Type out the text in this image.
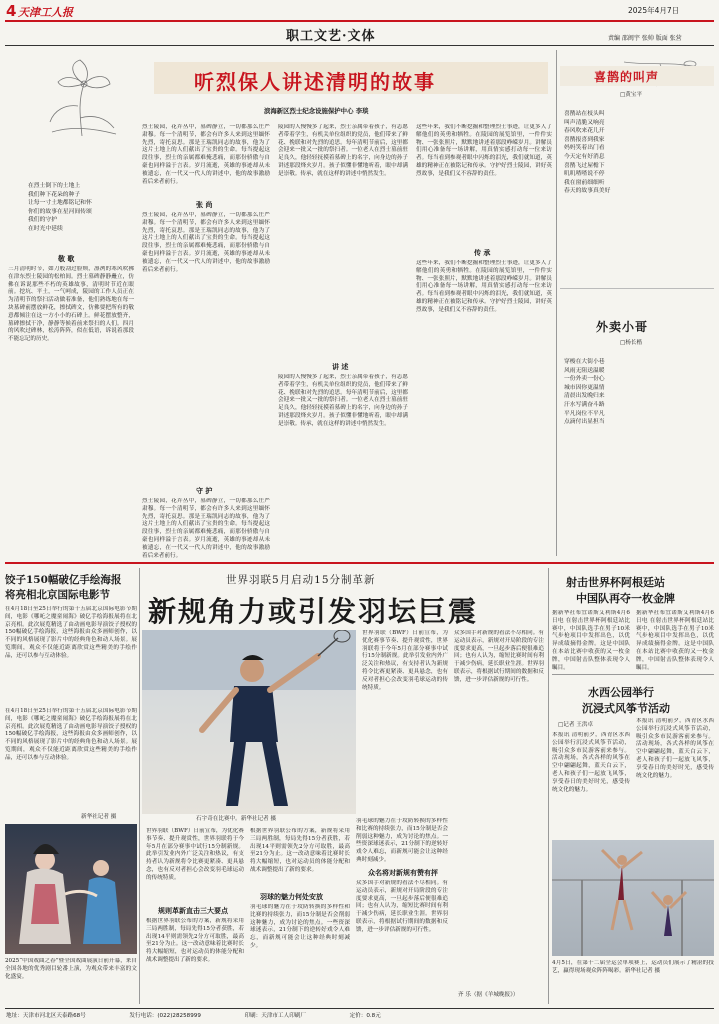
4 天津工人报	2025年4月7日
职工文艺·文体	责编 邵闽宇 张帅 版面 张营
听烈保人讲述清明的故事
滨海新区烈士纪念设施保护中心 李琰
在烈士倒下的土地上
我们种下花朵的种子
让每一寸土地都铭记和怀
你们的故事在星河间传颂
我们的守护
在时光中延续
敬 歌
三月清明时节，如刀般刮过脸颊，凛冽的寒风吹拂在津东烈士陵园的松柏间。烈士墓碑静静矗立，仿佛在诉说那些不朽的英雄故事，清明时节近在眼前。挖坑、平土，一气呵成，陵园的工作人员正在为清明节的祭扫活动做着准备，他们熟练地在每一块墓碑前摆放鲜花，擦拭碑文，仿佛要把所有的敬意都倾注在这一方小小的石碑上。鲜花摆放整齐，墓碑擦拭干净，静静等候着前来祭扫的人们。四月的风吹过碑林，松涛阵阵，似在低语，诉说着那段不能忘记的历史。
烈士陵园，花卉丛中，墓碑静立，一切都那么庄严肃穆。每一个清明节，都会有许多人来到这里缅怀先烈，寄托哀思。那是王瑞凯同志的故事，他为了这片土地上的人们献出了宝贵的生命。每当提起这段往事，烈士的亲属都难掩悲痛，而那份骄傲与自豪也同样溢于言表。岁月流逝，英雄的事迹却从未被遗忘，在一代又一代人的讲述中，他的故事激励着后来者前行。
张 尚
烈士陵园，花卉丛中，墓碑静立，一切都那么庄严肃穆。每一个清明节，都会有许多人来到这里缅怀先烈，寄托哀思。那是王瑞凯同志的故事，他为了这片土地上的人们献出了宝贵的生命。每当提起这段往事，烈士的亲属都难掩悲痛，而那份骄傲与自豪也同样溢于言表。岁月流逝，英雄的事迹却从未被遗忘，在一代又一代人的讲述中，他的故事激励着后来者前行。
守 护
烈士陵园，花卉丛中，墓碑静立，一切都那么庄严肃穆。每一个清明节，都会有许多人来到这里缅怀先烈，寄托哀思。那是王瑞凯同志的故事，他为了这片土地上的人们献出了宝贵的生命。每当提起这段往事，烈士的亲属都难掩悲痛，而那份骄傲与自豪也同样溢于言表。岁月流逝，英雄的事迹却从未被遗忘，在一代又一代人的讲述中，他的故事激励着后来者前行。
陵园的人慢慢多了起来，烈士亲属带着孩子，有志愿者带着学生，有机关单位组织的党员，他们带来了鲜花、挽联和对先烈的追思。每年清明节前后，这里都会迎来一批又一批的祭扫者。一位老人在烈士墓前驻足良久，他轻轻抚摸着墓碑上的名字，向身边的孙子讲述那段烽火岁月。孩子似懂非懂地听着，眼中却满是崇敬。传承，就在这样的讲述中悄然发生。
讲 述
陵园的人慢慢多了起来，烈士亲属带着孩子，有志愿者带着学生，有机关单位组织的党员，他们带来了鲜花、挽联和对先烈的追思。每年清明节前后，这里都会迎来一批又一批的祭扫者。一位老人在烈士墓前驻足良久，他轻轻抚摸着墓碑上的名字，向身边的孙子讲述那段烽火岁月。孩子似懂非懂地听着，眼中却满是崇敬。传承，就在这样的讲述中悄然发生。
这些年来，我们不断挖掘和整理烈士事迹，让更多人了解他们的英勇和牺牲。在陵园的展览馆里，一件件实物、一张张照片，默默地讲述着那段峥嵘岁月。讲解员们用心准备每一场讲解，用真情实感打动每一位来访者。每当看到参观者眼中闪烁的泪光，我们就知道，英雄的精神正在被铭记和传承。守护好烈士陵园，讲好英烈故事，是我们义不容辞的责任。
传 承
这些年来，我们不断挖掘和整理烈士事迹，让更多人了解他们的英勇和牺牲。在陵园的展览馆里，一件件实物、一张张照片，默默地讲述着那段峥嵘岁月。讲解员们用心准备每一场讲解，用真情实感打动每一位来访者。每当看到参观者眼中闪烁的泪光，我们就知道，英雄的精神正在被铭记和传承。守护好烈士陵园，讲好英烈故事，是我们义不容辞的责任。
喜鹊的叫声
□黄宝平
喜鹊站在枝头叫
叫声清脆又响亮
春风吹来花儿开
喜鹊报喜到我家
妈妈笑着出门看
今天定有好消息
喜鹊飞过屋檐下
叽叽喳喳说不停
我在窗前细细听
春天的故事真美好
外卖小哥
□杨长楷
穿梭在大街小巷
风雨无阻送温暖
一份外卖一份心
城市因你更温情
清晨出发晚归来
汗水写满奋斗路
平凡岗位不平凡
点滴付出显担当
饺子150幅破亿手绘海报
将亮相北京国际电影节
在4月18日至25日举行的第十五届北京国际电影节期间，电影《哪吒之魔童闹海》破亿手绘海报展将在北京亮相。此次展览精选了由动画电影导演饺子授权的150幅破亿手绘海报，这些海报由众多画师创作，以不同的风格展现了影片中的经典角色和动人场景。展览期间，观众不仅能近距离欣赏这些精美的手绘作品，还可以参与互动体验。
在4月18日至25日举行的第十五届北京国际电影节期间，电影《哪吒之魔童闹海》破亿手绘海报展将在北京亮相。此次展览精选了由动画电影导演饺子授权的150幅破亿手绘海报，这些海报由众多画师创作，以不同的风格展现了影片中的经典角色和动人场景。展览期间，观众不仅能近距离欣赏这些精美的手绘作品，还可以参与互动体验。
新华社记者 摄
2025“中国戏曲之春”暨全国戏曲展演日前开幕，来自全国各地的优秀剧目轮番上演，为观众带来丰富的文化盛宴。
世界羽联5月启动15分制革新
新规角力或引发羽坛巨震
石宇奇在比赛中。新华社记者 摄
世界羽联（BWF）日前宣布，为优化赛事节奏、提升观赏性，世界羽联将于今年5月在部分赛事中试行15分制新规。此举引发业内外广泛关注和热议，有支持者认为新规将令比赛更紧凑、更具悬念，也有反对者担心会改变羽毛球运动的传统特质。
世界羽联（BWF）日前宣布，为优化赛事节奏、提升观赏性，世界羽联将于今年5月在部分赛事中试行15分制新规。此举引发业内外广泛关注和热议，有支持者认为新规将令比赛更紧凑、更具悬念，也有反对者担心会改变羽毛球运动的传统特质。
规则革新直击三大要点
根据世界羽联公布的方案，新规将采用三局两胜制，每局先得15分者获胜，若出现14平则需领先2分方可取胜，最高至21分为止。这一改动意味着比赛时长将大幅缩短，也对运动员的体能分配和战术调整提出了新的要求。
根据世界羽联公布的方案，新规将采用三局两胜制，每局先得15分者获胜，若出现14平则需领先2分方可取胜，最高至21分为止。这一改动意味着比赛时长将大幅缩短，也对运动员的体能分配和战术调整提出了新的要求。
羽球的魅力何处安放
羽毛球的魅力在于攻防转换的多样性和比赛的持续张力，而15分制是否会削弱这种魅力，成为讨论的焦点。一些资深球迷表示，21分制下的逆转好戏令人难忘，而新规可能会让这种经典时刻减少。
羽毛球的魅力在于攻防转换的多样性和比赛的持续张力，而15分制是否会削弱这种魅力，成为讨论的焦点。一些资深球迷表示，21分制下的逆转好戏令人难忘，而新规可能会让这种经典时刻减少。
众名将对新规有赞有抨
众多国手对新规的看法不尽相同。有运动员表示，新规对开局阶段的专注度要求更高，一旦起步落后便很难追回；也有人认为，缩短比赛时间有利于减少伤病，延长职业生涯。世界羽联表示，将根据试行期间的数据和反馈，进一步评估新规的可行性。
众多国手对新规的看法不尽相同。有运动员表示，新规对开局阶段的专注度要求更高，一旦起步落后便很难追回；也有人认为，缩短比赛时间有利于减少伤病，延长职业生涯。世界羽联表示，将根据试行期间的数据和反馈，进一步评估新规的可行性。
齐 乐（据《羊城晚报》）
射击世界杯阿根廷站
中国队再夺一枚金牌
据新华社布宜诺斯艾利斯4月6日电 在射击世界杯阿根廷站比赛中，中国队选手在男子10米气步枪项目中发挥出色，以优异成绩摘得金牌。这是中国队在本站比赛中收获的又一枚金牌，中国射击队整体表现令人瞩目。
据新华社布宜诺斯艾利斯4月6日电 在射击世界杯阿根廷站比赛中，中国队选手在男子10米气步枪项目中发挥出色，以优异成绩摘得金牌。这是中国队在本站比赛中收获的又一枚金牌，中国射击队整体表现令人瞩目。
水西公园举行
沉浸式风筝节活动
□记者 王洪卓
本报讯 清明前夕，西青区水西公园举行沉浸式风筝节活动，吸引众多市民游客前来参与。活动现场，各式各样的风筝在空中翩翩起舞，蓝天白云下，老人和孩子们一起放飞风筝，享受春日的美好时光，感受传统文化的魅力。
本报讯 清明前夕，西青区水西公园举行沉浸式风筝节活动，吸引众多市民游客前来参与。活动现场，各式各样的风筝在空中翩翩起舞，蓝天白云下，老人和孩子们一起放飞风筝，享受春日的美好时光，感受传统文化的魅力。
4月5日，在第十二届全运会单项赛上，运动员们展示了精湛的技艺，赢得现场观众阵阵喝彩。新华社记者 摄
地址：天津市河北区天泰路68号	发行电话：(022)28258999	印刷：天津市工人印刷厂	定价：0.8元
